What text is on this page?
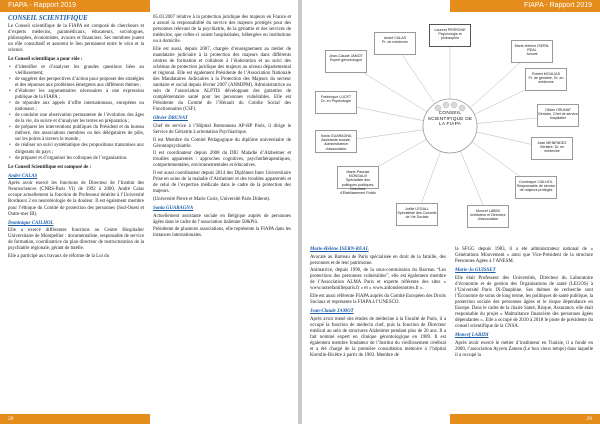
FIAPA - Rapport 2019
CONSEIL SCIENTIFIQUE

Le Conseil scientifique de la FIAPA est composé de chercheurs et d’experts médecins, paramédicaux, éducateurs, sociologues, philosophes, économistes, avocats et financiers. Ses membres jouent un rôle consultatif et assurent le lien permanent entre le vécu et la science.

Le Conseil scientifique a pour rôle :

• d’identifier et d’analyser les grandes questions liées au vieillissement;
• de suggérer des perspectives d’action pour proposer des stratégies et des réponses aux problèmes émergents aux différents thèmes ;
• d’élaborer les argumentaires nécessaires à une expression publique de la FIAPA ;
• de répondre aux appels d’offre internationaux, européens ou nationaux ;
• de conduire une observation permanente de l’évolution des âges de la vie, du suivre et d’analyser les textes en préparation ;
• de préparer les interventions publiques du Président et du bureau mélioré, des associations membres ou des délégataires de pôle, sur les points à travers le monde ;
• de réaliser un suivi systématique des propositions transmises aux dirigeants du pays ;
• de préparer et d’organiser les colloques de l’organisation.

Le Conseil Scientifique est composé de :

André CALAS

Après avoir exercé les fonctions de Directeur de l’Institut des Neurosciences (CNRS-Paris VI) de 1992 à 2000, André Calas occupe actuellement la fonction de Professeur émérite à l’Université Bordeaux 2 en neurobiologie de la douleur. Il est également membre pour l’éthique du Comité de protection des personnes (Sud-Ouest et Outre-mer III).

Dominique CAILHOL

Elle a exercé différentes fonctions au Centre Hospitalier Universitaire de Montpellier : documentaliste, responsable de service de formation, coordinatrice du plan directeur de restructuration de la psychiatrie régionale, gérant de tutelle.

Elle a participé aux travaux de réforme de la Loi du

05.03.2007 relative à la protection juridique des majeurs en France et a assuré la responsabilité du service des majeurs protégés pour des personnes relevant de la psychiatrie, de la gériatrie et des services de médecine, que celles-ci soient hospitalisées, hébergées en institutions ou à domicile.

Elle est aussi, depuis 2007, chargée d’enseignement au métier de mandataire judiciaire à la protection des majeurs dans différents centres de formation et collabore à l’élaboration et au suivi des schémas de protection juridique des majeurs au niveau départemental et régional. Elle est également Présidente de l’Association Nationale des Mandataires Judiciaires à la Protection des Majeurs du secteur sanitaire et social depuis février 2007 (ANMJPM). Administratrice au sein de l’association ALPTIS développant des garanties de complémentaire santé pour les personnes vulnérables. Elle est Présidente du Comité de l’Hérault du Cotidie Social des Fonctionnaires (CSF).

Olivier DRUNAT

Chef de service à l’Hôpital Bretonneau AP-HP Paris, il dirige le Service de Gériatrie à orientation Psychiatrique.

Il est Membre du Comité Pédagogique du diplôme universitaire de Gérontopsychiatrie.

Il est coordinateur depuis 2008 du DIU Maladie d’Alzheimer et troubles apparentés : approches cognitives, psychothérapeutiques, comportementales, environnementales et éducatives.

Il est aussi coordinateur depuis 2014 des Diplômes Inter Universitaire Prise en soins de la maladie d’Alzheimer et des troubles apparentés et de celui de l’expertise médicale dans le cadre de la protection des majeurs.

(Université Pierre et Marie Curie, Université Paris Diderot).

Sonia GUARAGNA

Actuellement assistante sociale en Belgique auprès de personnes âgées dans le cadre de l’association italienne 50&Più.

Présidente de plusieurs associations, elle représente la FIAPA dans les instances internationales.

28
FIAPA - Rapport 2019
CONSEIL SCIENTIFIQUE DE LA FIAPA
André CALAS
Pr. de médecine
Laurent PERRONE
Psychologie et philosophie
Jean-Claude JAMOT
Expert gérontologue
Marie-Hélène ISERN-REAL
Avocat
Robert MOULIAS
Pr. de gériatrie, Dr. en médecine
Frédérique LUCET
Dr. en Psychologie
Olivier DRUNAT
Gériatre, Chef de service hospitalier
Sonia GUARAGNA
Assistante sociale, Administratrice d’association
Jean MENENDEZ
Gériatre, Dr. en médecine
Marie-Pascale MONGAUX
Spécialiste des politiques publiques, Directrice d’Établissement Public
Dominique CAILHOL
Responsable de service de majeurs protégés
Joëlle LEGALL
Spécialiste des Conseils de Vie Sociale
Moncef LABIDI
Instituteur et Directeur d’association

Marie-Hélène ISERN-REAL

Avocate au Barreau de Paris spécialisée en droit de la famille, des personnes et de leur patrimoine.

Animatrice, depuis 1996, de la sous-commission du Barreau “Les protections des personnes vulnérables”, elle est également membre de l’Association ALMA Paris et experte référente des sites « www.notrefamilleparis.fr » et « www.aidonslesnotres.fr ».

Elle est aussi référente FIAPA auprès du Comité Européen des Droits Sociaux et représente la FIAPA à l’UNESCO.

Jean-Claude JAMOT

Après avoir mené des études de médecine à la Faculté de Paris, il a occupé la fonction de médecin chef, puis la fonction de Directeur médical au sein de structures Alzheimer pendant plus de 20 ans. Il a fait nommé expert en clinique gérontologique en 1989. Il est également membre fondateur de l’Institut du vieillissement cérébral et a été chargé de la première consultation mémoire à l’hôpital Kremlin-Bicêtre à partir de 1983. Membre de

la SFGG depuis 1983, il a été administrateur national de « Générations Mouvement » ainsi que Vice-Président de la structure Personnes Agées à l’ANESM.

Marie-Jo GUISSET

Elle était Professeur des Universités, Directeur du Laboratoire d’économie et de gestion des Organisations de santé (LEGOS) à l’Université Paris IX-Dauphine. Ses thèmes de recherche sont l’Économie de soins de long terme, les politiques de santé publique, la protection sociale des personnes âgées et le risque dépendance en Europe. Dans le cadre de la chaire Santé, Risque, Assurance, elle était responsable du projet « Maltraitance financière des personnes âgées dépendantes ». Elle a occupé de 2010 à 2018 le poste de présidente du conseil scientifique de la CNSA.

Moncef LABIDI

Après avoir exercé le métier d’instituteur en Tunisie, il a fondé en 2000, l’association Ayyem Zamen (Le bon vieux temps) dans laquelle il a occupé la

29
